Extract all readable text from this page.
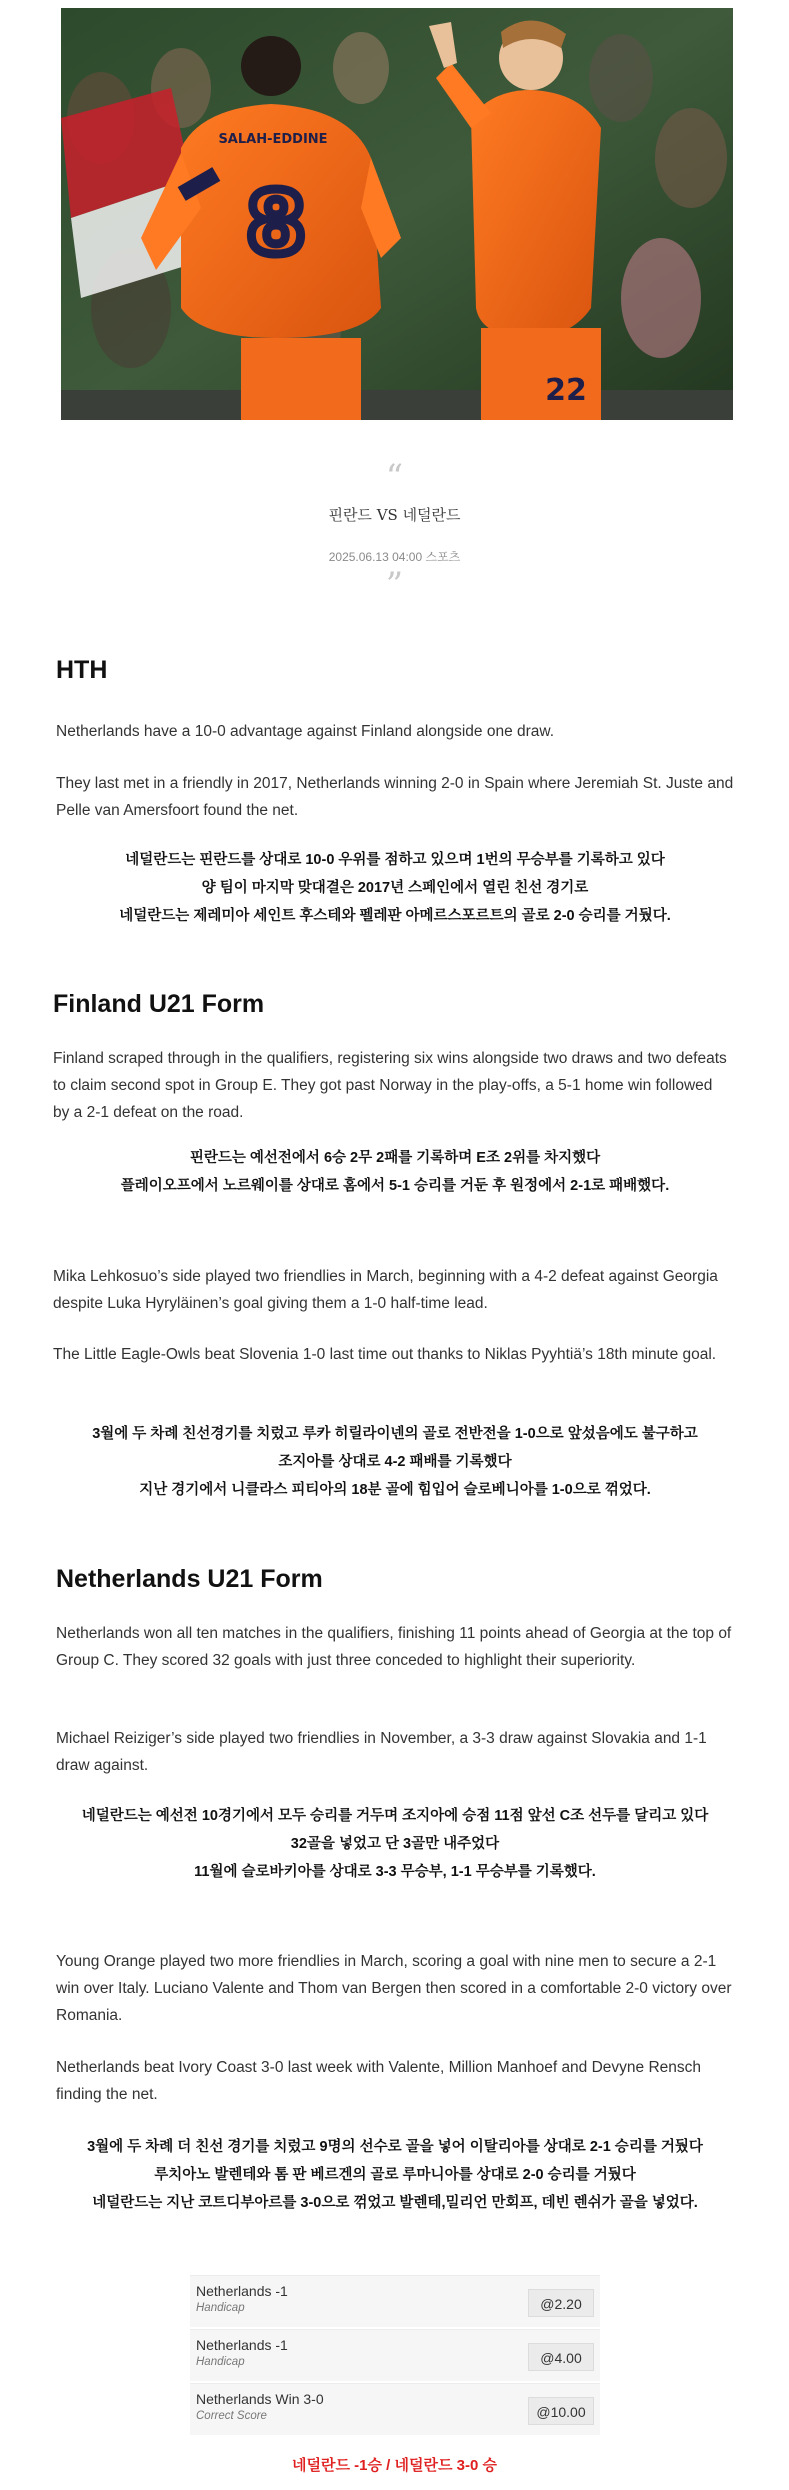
SALAH-EDDINE
8
22
“
핀란드 VS 네덜란드
2025.06.13 04:00 스포츠
”
HTH
Netherlands have a 10-0 advantage against Finland alongside one draw.
They last met in a friendly in 2017, Netherlands winning 2-0 in Spain where Jeremiah St. Juste and Pelle van Amersfoort found the net.
네덜란드는 핀란드를 상대로 10-0 우위를 점하고 있으며 1번의 무승부를 기록하고 있다
양 팀이 마지막 맞대결은 2017년 스페인에서 열린 친선 경기로
네덜란드는 제레미아 세인트 후스테와 펠레판 아메르스포르트의 골로 2-0 승리를 거뒀다.
Finland U21 Form
Finland scraped through in the qualifiers, registering six wins alongside two draws and two defeats to claim second spot in Group E. They got past Norway in the play-offs, a 5-1 home win followed by a 2-1 defeat on the road.
핀란드는 예선전에서 6승 2무 2패를 기록하며 E조 2위를 차지했다
플레이오프에서 노르웨이를 상대로 홈에서 5-1 승리를 거둔 후 원정에서 2-1로 패배했다.
Mika Lehkosuo’s side played two friendlies in March, beginning with a 4-2 defeat against Georgia despite Luka Hyryläinen’s goal giving them a 1-0 half-time lead.
The Little Eagle-Owls beat Slovenia 1-0 last time out thanks to Niklas Pyyhtiä’s 18th minute goal.
3월에 두 차례 친선경기를 치렀고 루카 히릴라이넨의 골로 전반전을 1-0으로 앞섰음에도 불구하고
조지아를 상대로 4-2 패배를 기록했다
지난 경기에서 니클라스 피티아의 18분 골에 힘입어 슬로베니아를 1-0으로 꺾었다.
Netherlands U21 Form
Netherlands won all ten matches in the qualifiers, finishing 11 points ahead of Georgia at the top of Group C. They scored 32 goals with just three conceded to highlight their superiority.
Michael Reiziger’s side played two friendlies in November, a 3-3 draw against Slovakia and 1-1 draw against.
네덜란드는 예선전 10경기에서 모두 승리를 거두며 조지아에 승점 11점 앞선 C조 선두를 달리고 있다
32골을 넣었고 단 3골만 내주었다
11월에 슬로바키아를 상대로 3-3 무승부, 1-1 무승부를 기록했다.
Young Orange played two more friendlies in March, scoring a goal with nine men to secure a 2-1 win over Italy. Luciano Valente and Thom van Bergen then scored in a comfortable 2-0 victory over Romania.
Netherlands beat Ivory Coast 3-0 last week with Valente, Million Manhoef and Devyne Rensch finding the net.
3월에 두 차례 더 친선 경기를 치렀고 9명의 선수로 골을 넣어 이탈리아를 상대로 2-1 승리를 거뒀다
루치아노 발렌테와 톰 판 베르겐의 골로 루마니아를 상대로 2-0 승리를 거뒀다
네덜란드는 지난 코트디부아르를 3-0으로 꺾었고 발렌테,밀리언 만회프, 데빈 렌쉬가 골을 넣었다.
Netherlands -1
Handicap	@2.20
Netherlands -1
Handicap	@4.00
Netherlands Win 3-0
Correct Score	@10.00
네덜란드 -1승 / 네덜란드 3-0 승
